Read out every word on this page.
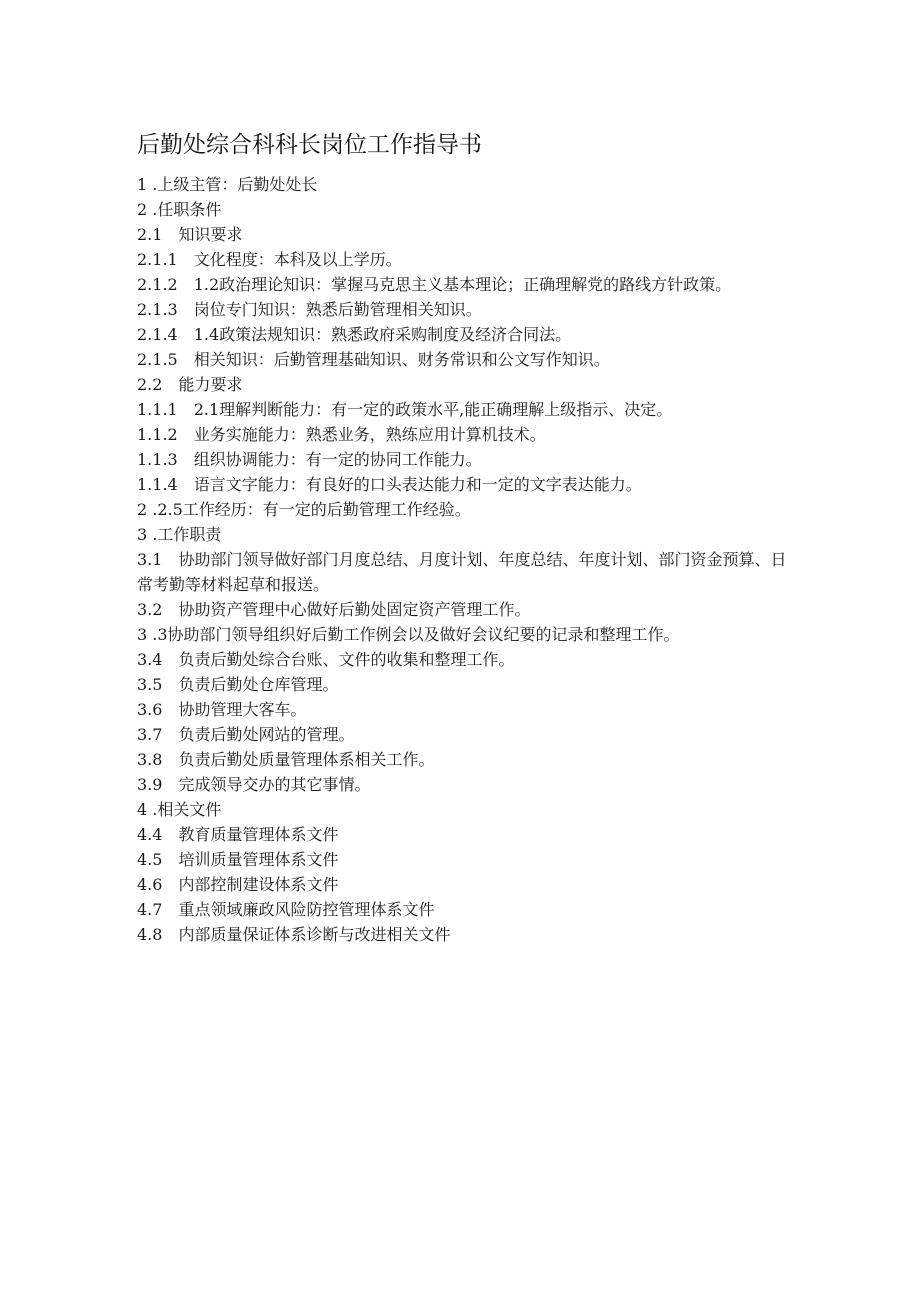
后勤处综合科科长岗位工作指导书
1 .上级主管：后勤处处长
2 .任职条件
2.1　知识要求
2.1.1　文化程度：本科及以上学历。
2.1.2　1.2政治理论知识：掌握马克思主义基本理论；正确理解党的路线方针政策。
2.1.3　岗位专门知识：熟悉后勤管理相关知识。
2.1.4　1.4政策法规知识：熟悉政府采购制度及经济合同法。
2.1.5　相关知识：后勤管理基础知识、财务常识和公文写作知识。
2.2　能力要求
1.1.1　2.1理解判断能力：有一定的政策水平,能正确理解上级指示、决定。
1.1.2　业务实施能力：熟悉业务，熟练应用计算机技术。
1.1.3　组织协调能力：有一定的协同工作能力。
1.1.4　语言文字能力：有良好的口头表达能力和一定的文字表达能力。
2 .2.5工作经历：有一定的后勤管理工作经验。
3 .工作职责
3.1　协助部门领导做好部门月度总结、月度计划、年度总结、年度计划、部门资金预算、日常考勤等材料起草和报送。
3.2　协助资产管理中心做好后勤处固定资产管理工作。
3 .3协助部门领导组织好后勤工作例会以及做好会议纪要的记录和整理工作。
3.4　负责后勤处综合台账、文件的收集和整理工作。
3.5　负责后勤处仓库管理。
3.6　协助管理大客车。
3.7　负责后勤处网站的管理。
3.8　负责后勤处质量管理体系相关工作。
3.9　完成领导交办的其它事情。
4 .相关文件
4.4　教育质量管理体系文件
4.5　培训质量管理体系文件
4.6　内部控制建设体系文件
4.7　重点领域廉政风险防控管理体系文件
4.8　内部质量保证体系诊断与改进相关文件
